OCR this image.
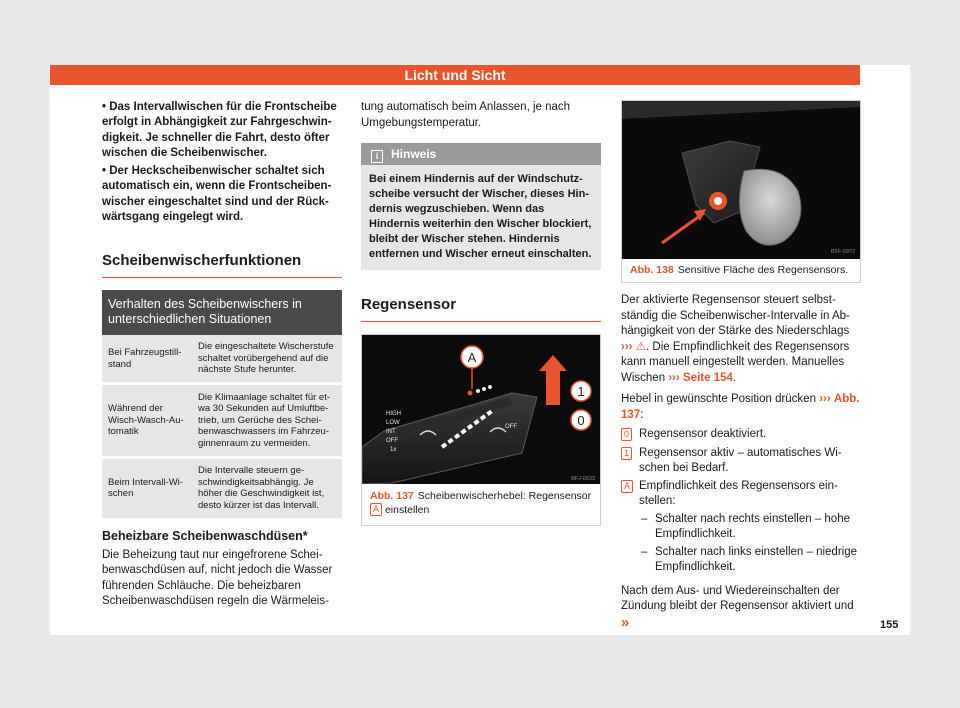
Licht und Sicht

• Das Intervallwischen für die Frontscheibe erfolgt in Abhängigkeit zur Fahrgeschwindigkeit. Je schneller die Fahrt, desto öfter wischen die Scheibenwischer.

• Der Heckscheibenwischer schaltet sich automatisch ein, wenn die Frontscheibenwischer eingeschaltet sind und der Rückwärtsgang eingelegt wird.

Scheibenwischerfunktionen
Verhalten des Scheibenwischers in unterschiedlichen Situationen
Bei Fahrzeugstillstand	Die eingeschaltete Wischerstufe schaltet vorübergehend auf die nächste Stufe herunter.
Während der Wisch-Wasch-Automatik	Die Klimaanlage schaltet für etwa 30 Sekunden auf Umluftbetrieb, um Gerüche des Scheibenwaschwassers im Fahrzeuginnenraum zu vermeiden.
Beim Intervall-Wischen	Die Intervalle steuern geschwindigkeitsabhängig. Je höher die Geschwindigkeit ist, desto kürzer ist das Intervall.

Beheizbare Scheibenwaschdüsen*

Die Beheizung taut nur eingefrorene Scheibenwaschdüsen auf, nicht jedoch die Wasser führenden Schläuche. Die beheizbaren Scheibenwaschdüsen regeln die Wärmeleis-

tung automatisch beim Anlassen, je nach Umgebungstemperatur.

i Hinweis
Bei einem Hindernis auf der Windschutzscheibe versucht der Wischer, dieses Hindernis wegzuschieben. Wenn das Hindernis weiterhin den Wischer blockiert, bleibt der Wischer stehen. Hindernis entfernen und Wischer erneut einschalten.
Regensensor
HIGH
LOW
INT
OFF
1x
OFF
A
1
0
BFJ-0033
Abb. 137 Scheibenwischerhebel: Regensensor A einstellen
B5F-0972
Abb. 138 Sensitive Fläche des Regensensors.

Der aktivierte Regensensor steuert selbstständig die Scheibenwischer-Intervalle in Abhängigkeit von der Stärke des Niederschlags ››› ⚠. Die Empfindlichkeit des Regensensors kann manuell eingestellt werden. Manuelles Wischen ››› Seite 154.

Hebel in gewünschte Position drücken ››› Abb. 137:

0 Regensensor deaktiviert.
1 Regensensor aktiv – automatisches Wischen bei Bedarf.
A Empfindlichkeit des Regensensors einstellen:
– Schalter nach rechts einstellen – hohe Empfindlichkeit.
– Schalter nach links einstellen – niedrige Empfindlichkeit.

Nach dem Aus- und Wiedereinschalten der Zündung bleibt der Regensensor aktiviert und »	155
